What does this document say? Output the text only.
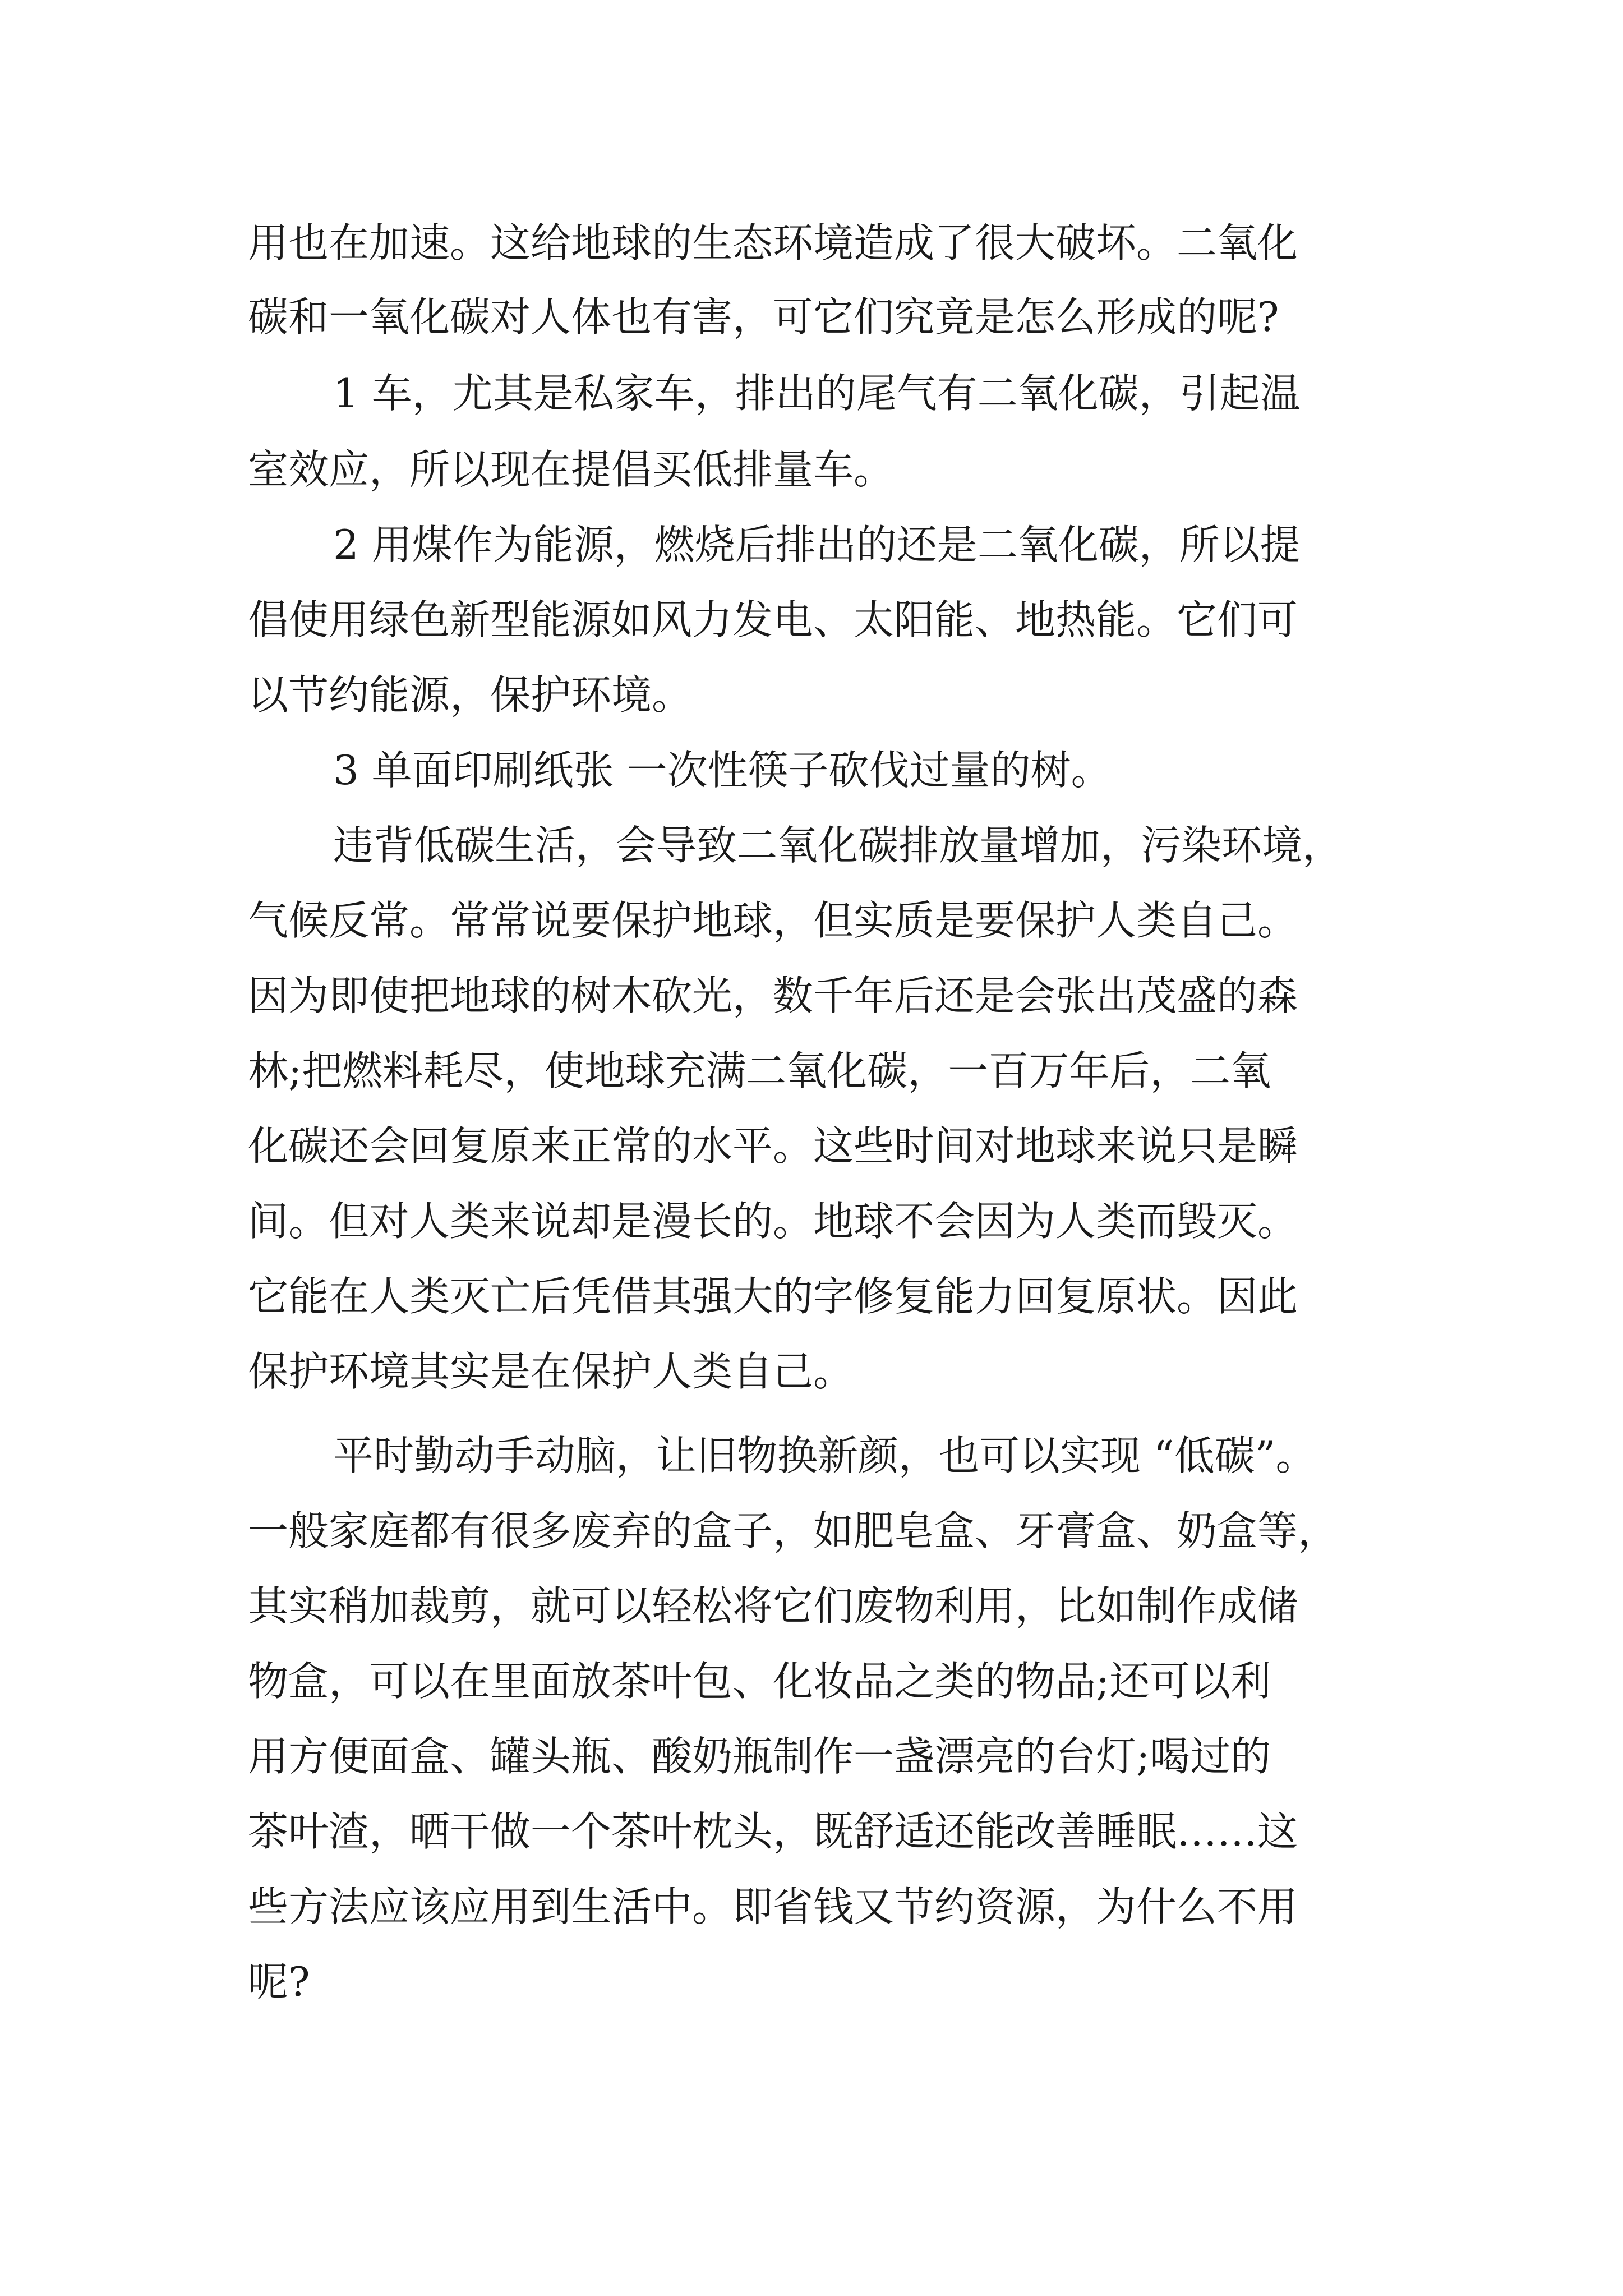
用也在加速。这给地球的生态环境造成了很大破坏。二氧化

碳和一氧化碳对人体也有害，可它们究竟是怎么形成的呢?

1 车，尤其是私家车，排出的尾气有二氧化碳，引起温

室效应，所以现在提倡买低排量车。

2 用煤作为能源，燃烧后排出的还是二氧化碳，所以提

倡使用绿色新型能源如风力发电、太阳能、地热能。它们可

以节约能源，保护环境。

3 单面印刷纸张 一次性筷子砍伐过量的树。

违背低碳生活，会导致二氧化碳排放量增加，污染环境，

气候反常。常常说要保护地球，但实质是要保护人类自己。

因为即使把地球的树木砍光，数千年后还是会张出茂盛的森

林;把燃料耗尽，使地球充满二氧化碳，一百万年后，二氧

化碳还会回复原来正常的水平。这些时间对地球来说只是瞬

间。但对人类来说却是漫长的。地球不会因为人类而毁灭。

它能在人类灭亡后凭借其强大的字修复能力回复原状。因此

保护环境其实是在保护人类自己。

平时勤动手动脑，让旧物换新颜，也可以实现 “低碳”。

一般家庭都有很多废弃的盒子，如肥皂盒、牙膏盒、奶盒等，

其实稍加裁剪，就可以轻松将它们废物利用，比如制作成储

物盒，可以在里面放茶叶包、化妆品之类的物品;还可以利

用方便面盒、罐头瓶、酸奶瓶制作一盏漂亮的台灯;喝过的

茶叶渣，晒干做一个茶叶枕头，既舒适还能改善睡眠……这

些方法应该应用到生活中。即省钱又节约资源，为什么不用

呢?
